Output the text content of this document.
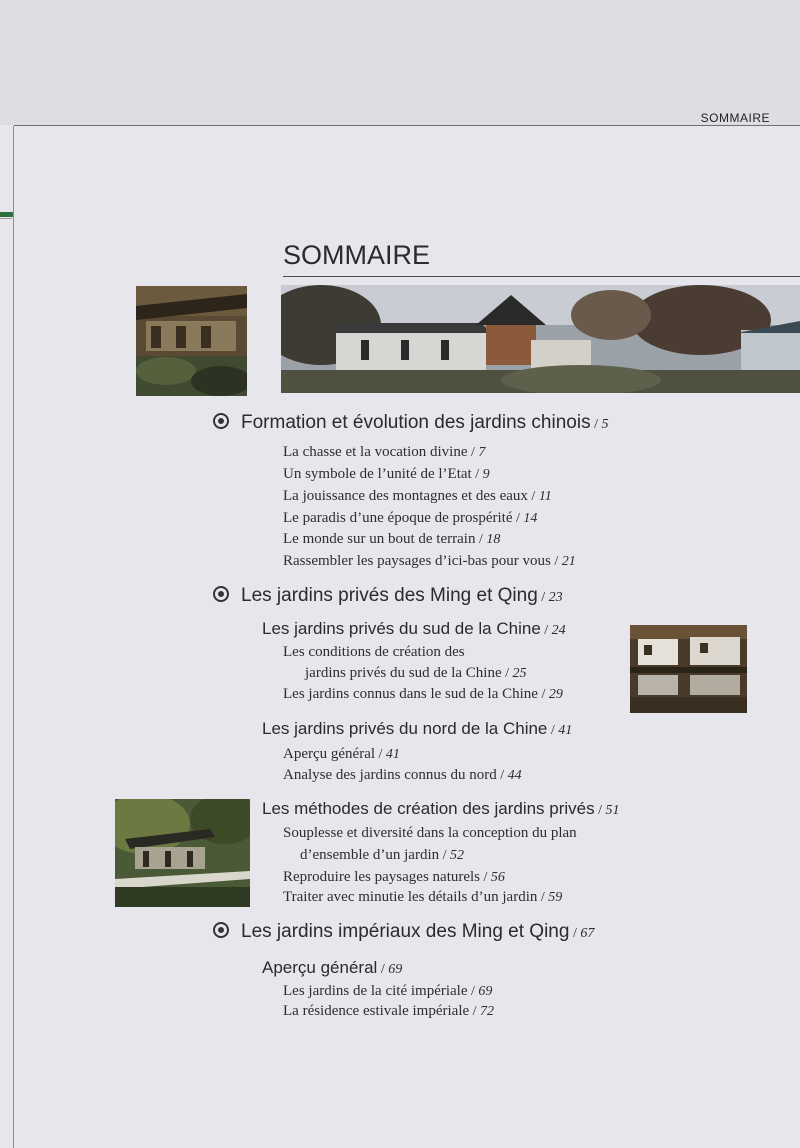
SOMMAIRE
SOMMAIRE
Formation et évolution des jardins chinois / 5
La chasse et la vocation divine / 7
Un symbole de l’unité de l’Etat / 9
La jouissance des montagnes et des eaux / 11
Le paradis d’une époque de prospérité / 14
Le monde sur un bout de terrain / 18
Rassembler les paysages d’ici-bas pour vous / 21
Les jardins privés des Ming et Qing / 23
Les jardins privés du sud de la Chine / 24
Les conditions de création des
jardins privés du sud de la Chine / 25
Les jardins connus dans le sud de la Chine / 29
Les jardins privés du nord de la Chine / 41
Aperçu général / 41
Analyse des jardins connus du nord / 44
Les méthodes de création des jardins privés / 51
Souplesse et diversité dans la conception du plan
d’ensemble d’un jardin / 52
Reproduire les paysages naturels / 56
Traiter avec minutie les détails d’un jardin / 59
Les jardins impériaux des Ming et Qing / 67
Aperçu général / 69
Les jardins de la cité impériale / 69
La résidence estivale impériale / 72
